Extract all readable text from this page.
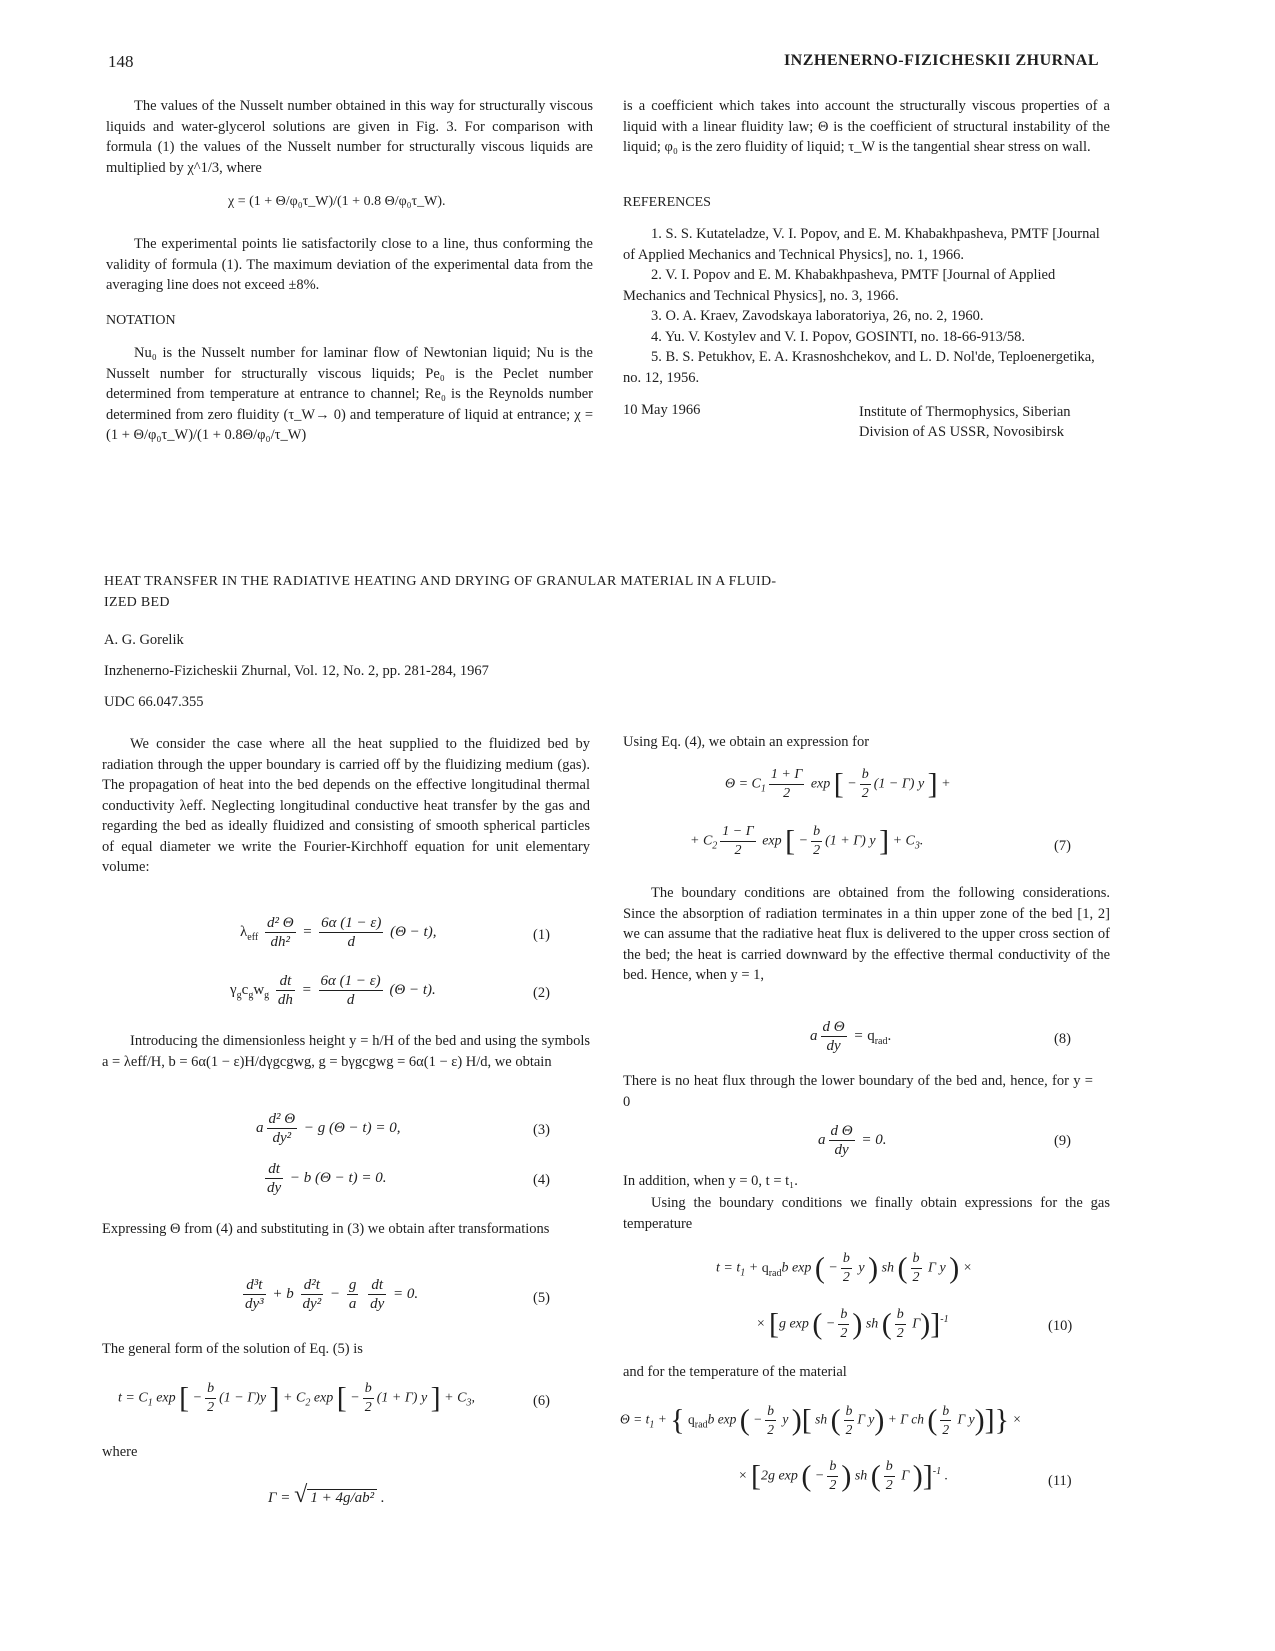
148	INZHENERNO-FIZICHESKII ZHURNAL

The values of the Nusselt number obtained in this way for structurally viscous liquids and water-glycerol solutions are given in Fig. 3. For comparison with formula (1) the values of the Nusselt number for structurally viscous liquids are multiplied by χ^1/3, where

χ = (1 + Θ/φ₀τ_W)/(1 + 0.8 Θ/φ₀τ_W).

The experimental points lie satisfactorily close to a line, thus conforming the validity of formula (1). The maximum deviation of the experimental data from the averaging line does not exceed ±8%.

NOTATION

Nu₀ is the Nusselt number for laminar flow of Newtonian liquid; Nu is the Nusselt number for structurally viscous liquids; Pe₀ is the Peclet number determined from temperature at entrance to channel; Re₀ is the Reynolds number determined from zero fluidity (τ_W→ 0) and temperature of liquid at entrance; χ = (1 + Θ/φ₀τ_W)/(1 + 0.8Θ/φ₀/τ_W)

is a coefficient which takes into account the structurally viscous properties of a liquid with a linear fluidity law; Θ is the coefficient of structural instability of the liquid; φ₀ is the zero fluidity of liquid; τ_W is the tangential shear stress on wall.

REFERENCES

1. S. S. Kutateladze, V. I. Popov, and E. M. Khabakhpasheva, PMTF [Journal of Applied Mechanics and Technical Physics], no. 1, 1966.

2. V. I. Popov and E. M. Khabakhpasheva, PMTF [Journal of Applied Mechanics and Technical Physics], no. 3, 1966.

3. O. A. Kraev, Zavodskaya laboratoriya, 26, no. 2, 1960.

4. Yu. V. Kostylev and V. I. Popov, GOSINTI, no. 18-66-913/58.

5. B. S. Petukhov, E. A. Krasnoshchekov, and L. D. Nol'de, Teploenergetika, no. 12, 1956.

10 May 1966	Institute of Thermophysics, Siberian
Division of AS USSR, Novosibirsk
HEAT TRANSFER IN THE RADIATIVE HEATING AND DRYING OF GRANULAR MATERIAL IN A FLUID-
IZED BED
A. G. Gorelik
Inzhenerno-Fizicheskii Zhurnal, Vol. 12, No. 2, pp. 281-284, 1967
UDC 66.047.355

We consider the case where all the heat supplied to the fluidized bed by radiation through the upper boundary is carried off by the fluidizing medium (gas). The propagation of heat into the bed depends on the effective longitudinal thermal conductivity λeff. Neglecting longitudinal conductive heat transfer by the gas and regarding the bed as ideally fluidized and consisting of smooth spherical particles of equal diameter we write the Fourier-Kirchhoff equation for unit elementary volume:

$\lambda_{eff} \frac{\text{d² Θ}}{\text{dh²}} = \frac{6\alpha (1 - \varepsilon)}{d} (\Theta - t)$,	(1)
$\gamma_gc_gw_g \frac{dt}{dh} = \frac{6\alpha (1 - \varepsilon)}{d} (\Theta - t)$.	(2)

Introducing the dimensionless height y = h/H of the bed and using the symbols a = λeff/H, b = 6α(1 − ε)H/dγgcgwg, g = bγgcgwg = 6α(1 − ε) H/d, we obtain

a $\frac{\text{d² Θ}}{\text{dy²}} - g$ (Θ − t) = 0,	(3)
$\frac{dt}{dy} - b$ (Θ − t) = 0.	(4)

Expressing Θ from (4) and substituting in (3) we obtain after transformations

$\frac{\text{d³t}}{\text{dy³}} + b \frac{\text{d²t}}{\text{dy²}} - \frac{g}{a}$
$\frac{dt}{dy} = 0$.	(5)
The general form of the solution of Eq. (5) is
$t = C_1$ exp [ − $\frac{b}{2} (1 - \Gamma)y$ ] + $C_2$ exp [ − $\frac{b}{2} (1 + \Gamma)$ y ] + $C_3$,	(6)
where
Γ = √ 1 + 4g/ab² .
Using Eq. (4), we obtain an expression for
$\Theta = C_1 \frac{1 + \Gamma}{2}$ exp [ − $\frac{b}{2} (1 - \Gamma)$ y ] +
+ $C_2 \frac{1 - \Gamma}{2}$ exp [ − $\frac{b}{2} (1 + \Gamma)$ y ] + $C_3$.	(7)

The boundary conditions are obtained from the following considerations. Since the absorption of radiation terminates in a thin upper zone of the bed [1, 2] we can assume that the radiative heat flux is delivered to the upper cross section of the bed; the heat is carried downward by the effective thermal conductivity of the bed. Hence, when y = 1,

a $\frac{\text{d Θ}}{dy} = q_{rad}$.	(8)

There is no heat flux through the lower boundary of the bed and, hence, for y = 0

a $\frac{\text{d Θ}}{dy} = 0$.	(9)
In addition, when y = 0, t = t₁.

Using the boundary conditions we finally obtain expressions for the gas temperature

$t = t_1 + q_{rad}b$ exp ( − $\frac{b}{2}$ y ) sh ( $\frac{b}{2}$ Γ y ) ×
× [g exp ( − $\frac{b}{2}$ ) sh ( $\frac{b}{2} \Gamma)]^{-1}$	(10)
and for the temperature of the material
$\Theta = t_1$ + { $q_{rad}b$ exp ( − $\frac{b}{2}$ y )[ sh ( $\frac{b}{2}$ Γ y) + Γ ch ( $\frac{b}{2}$ Γ y)]} ×
× [2g exp ( − $\frac{b}{2}$ ) sh ( $\frac{b}{2}$ Γ )]$^{-1}$ .	(11)
